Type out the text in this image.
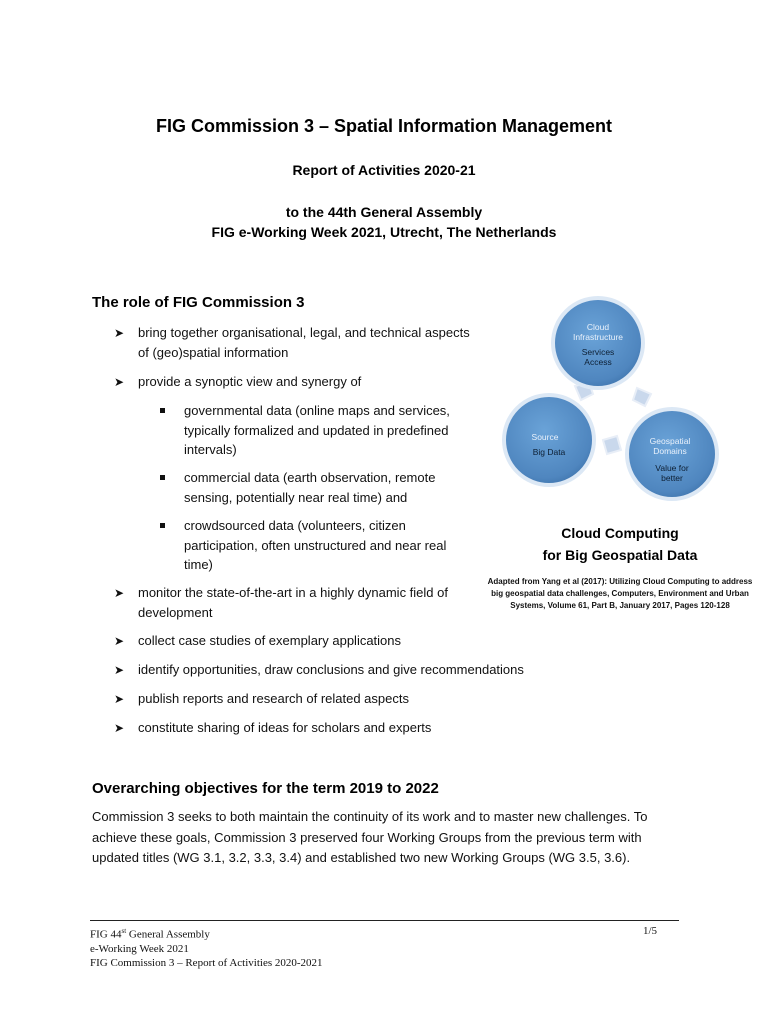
FIG Commission 3 – Spatial Information Management
Report of Activities 2020-21
to the 44th General Assembly
FIG e-Working Week 2021, Utrecht, The Netherlands
The role of FIG Commission 3
➤ bring together organisational, legal, and technical aspects of (geo)spatial information
➤ provide a synoptic view and synergy of
governmental data (online maps and services, typically formalized and updated in predefined intervals)
commercial data (earth observation, remote sensing, potentially near real time) and
crowdsourced data (volunteers, citizen participation, often unstructured and near real time)
➤ monitor the state-of-the-art in a highly dynamic field of development
➤ collect case studies of exemplary applications
➤ identify opportunities, draw conclusions and give recommendations
➤ publish reports and research of related aspects
➤ constitute sharing of ideas for scholars and experts
Cloud
Infrastructure
Services
Access
Source
Big Data
Geospatial
Domains
Value for
better
Cloud Computing
for Big Geospatial Data
Adapted from Yang et al (2017): Utilizing Cloud Computing to address big geospatial data challenges, Computers, Environment and Urban Systems, Volume 61, Part B, January 2017, Pages 120-128
Overarching objectives for the term 2019 to 2022
Commission 3 seeks to both maintain the continuity of its work and to master new challenges. To achieve these goals, Commission 3 preserved four Working Groups from the previous term with updated titles (WG 3.1, 3.2, 3.3, 3.4) and established two new Working Groups (WG 3.5, 3.6).
FIG 44st General Assembly	1/5
e-Working Week 2021
FIG Commission 3 – Report of Activities 2020-2021
